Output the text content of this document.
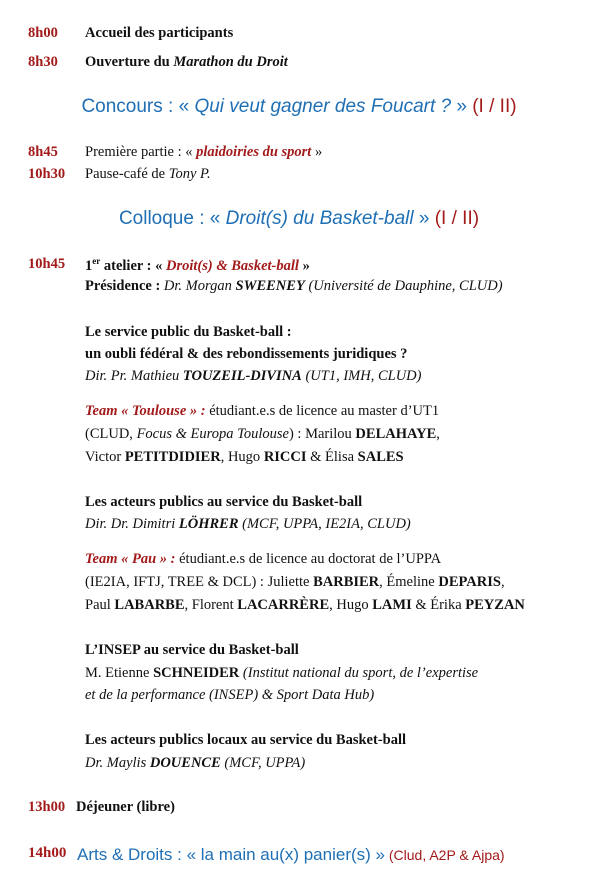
8h00 Accueil des participants
8h30 Ouverture du Marathon du Droit
Concours : « Qui veut gagner des Foucart ? » (I / II)
8h45 Première partie : « plaidoiries du sport »
10h30 Pause-café de Tony P.
Colloque : « Droit(s) du Basket-ball » (I / II)
10h45 1er atelier : « Droit(s) & Basket-ball »
Présidence : Dr. Morgan SWEENEY (Université de Dauphine, CLUD)
Le service public du Basket-ball :
un oubli fédéral & des rebondissements juridiques ?
Dir. Pr. Mathieu TOUZEIL-DIVINA (UT1, IMH, CLUD)
Team « Toulouse » : étudiant.e.s de licence au master d’UT1
(CLUD, Focus & Europa Toulouse) : Marilou DELAHAYE,
Victor PETITDIDIER, Hugo RICCI & Élisa SALES
Les acteurs publics au service du Basket-ball
Dir. Dr. Dimitri LÖHRER (MCF, UPPA, IE2IA, CLUD)
Team « Pau » : étudiant.e.s de licence au doctorat de l’UPPA
(IE2IA, IFTJ, TREE & DCL) : Juliette BARBIER, Émeline DEPARIS,
Paul LABARBE, Florent LACARRÈRE, Hugo LAMI & Érika PEYZAN
L’INSEP au service du Basket-ball
M. Etienne SCHNEIDER (Institut national du sport, de l’expertise
et de la performance (INSEP) & Sport Data Hub)
Les acteurs publics locaux au service du Basket-ball
Dr. Maylis DOUENCE (MCF, UPPA)
13h00 Déjeuner (libre)
14h00 Arts & Droits : « la main au(x) panier(s) » (Clud, A2P & Ajpa)
